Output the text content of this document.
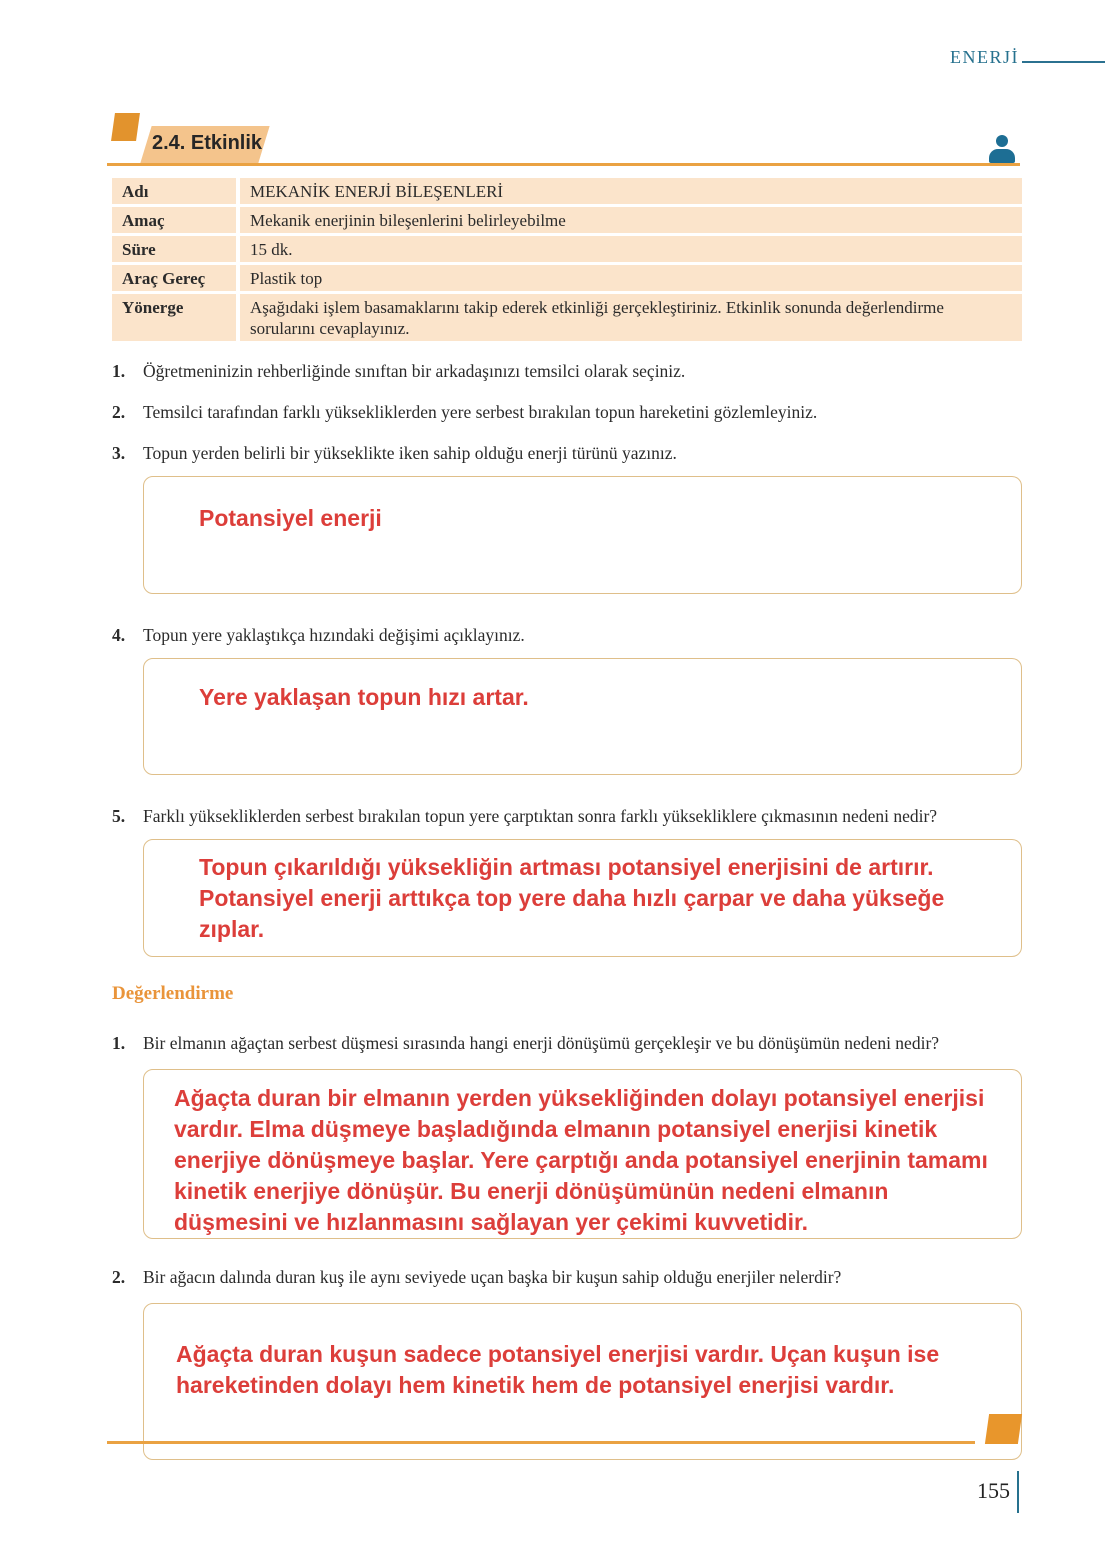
ENERJİ
2.4. Etkinlik
Adı	MEKANİK ENERJİ BİLEŞENLERİ
Amaç	Mekanik enerjinin bileşenlerini belirleyebilme
Süre	15 dk.
Araç Gereç	Plastik top
Yönerge	Aşağıdaki işlem basamaklarını takip ederek etkinliği gerçekleştiriniz. Etkinlik sonunda değerlendirme sorularını cevaplayınız.
1.	Öğretmeninizin rehberliğinde sınıftan bir arkadaşınızı temsilci olarak seçiniz.
2.	Temsilci tarafından farklı yüksekliklerden yere serbest bırakılan topun hareketini gözlemleyiniz.
3.	Topun yerden belirli bir yükseklikte iken sahip olduğu enerji türünü yazınız.
Potansiyel enerji
4.	Topun yere yaklaştıkça hızındaki değişimi açıklayınız.
Yere yaklaşan topun hızı artar.
5.	Farklı yüksekliklerden serbest bırakılan topun yere çarptıktan sonra farklı yüksekliklere çıkmasının nedeni nedir?
Topun çıkarıldığı yüksekliğin artması potansiyel enerjisini de artırır. Potansiyel enerji arttıkça top yere daha hızlı çarpar ve daha yükseğe zıplar.
Değerlendirme
1.	Bir elmanın ağaçtan serbest düşmesi sırasında hangi enerji dönüşümü gerçekleşir ve bu dönüşümün nedeni nedir?
Ağaçta duran bir elmanın yerden yüksekliğinden dolayı potansiyel enerjisi vardır. Elma düşmeye başladığında elmanın potansiyel enerjisi kinetik enerjiye dönüşmeye başlar. Yere çarptığı anda potansiyel enerjinin tamamı kinetik enerjiye dönüşür. Bu enerji dönüşümünün nedeni elmanın düşmesini ve hızlanmasını sağlayan yer çekimi kuvvetidir.
2.	Bir ağacın dalında duran kuş ile aynı seviyede uçan başka bir kuşun sahip olduğu enerjiler nelerdir?
Ağaçta duran kuşun sadece potansiyel enerjisi vardır. Uçan kuşun ise hareketinden dolayı hem kinetik hem de potansiyel enerjisi vardır.
155
